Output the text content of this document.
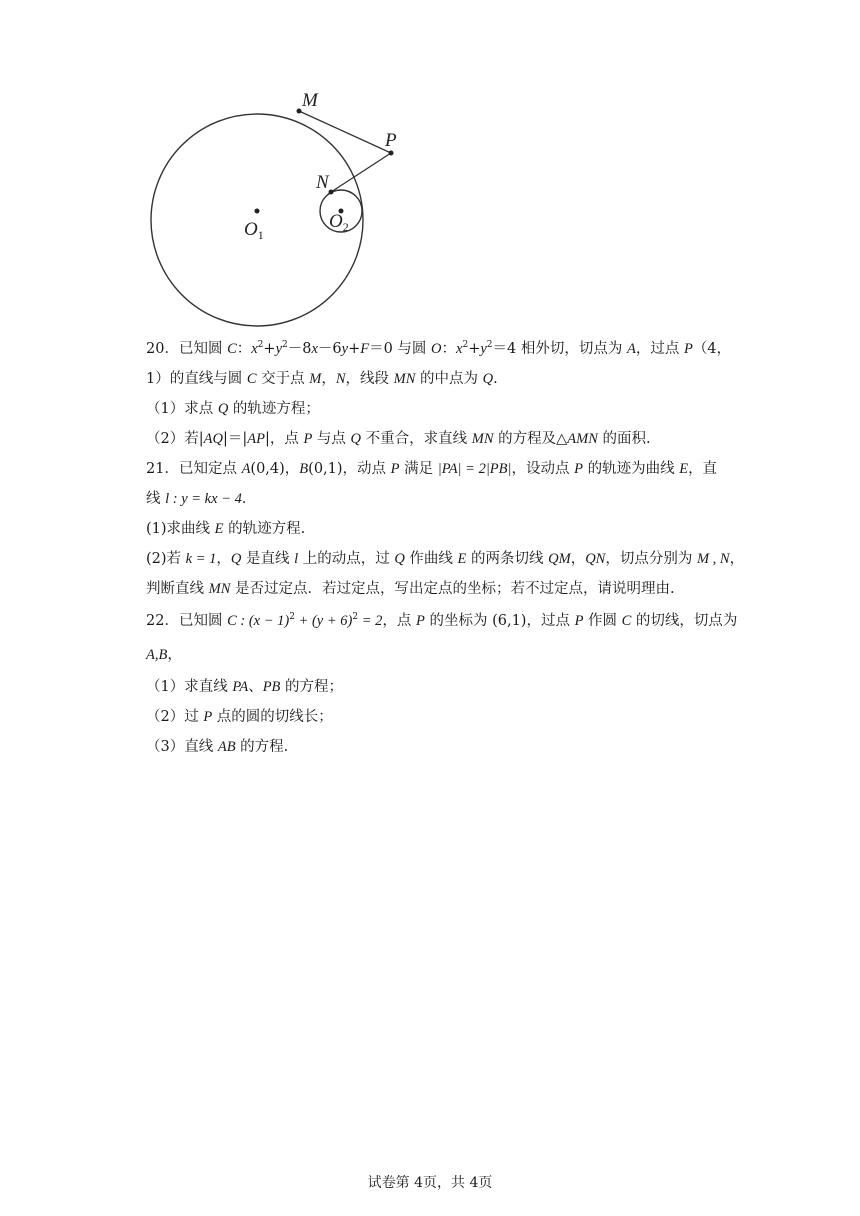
M
P
N
$O_1$
$O_2$
20．已知圆 C：$x^2+y^2-8x-6y+F=0$ 与圆 O：$x^2+y^2=4$ 相外切，切点为 A，过点 P（4，
1）的直线与圆 C 交于点 M，N，线段 MN 的中点为 Q.
（1）求点 Q 的轨迹方程；
（2）若|AQ|＝|AP|，点 P 与点 Q 不重合，求直线 MN 的方程及△AMN 的面积.
21．已知定点 A(0,4)，B(0,1)，动点 P 满足 |PA| = 2|PB|，设动点 P 的轨迹为曲线 E，直
线 l : y = kx − 4．
(1)求曲线 E 的轨迹方程.
(2)若 k = 1，Q 是直线 l 上的动点，过 Q 作曲线 E 的两条切线 QM，QN，切点分别为 M , N，
判断直线 MN 是否过定点．若过定点，写出定点的坐标；若不过定点，请说明理由.
22．已知圆 C : $(x - 1)^2 + (y + 6)^2 = 2$，点 P 的坐标为 (6,1)，过点 P 作圆 C 的切线，切点为
A,B，
（1）求直线 PA、PB 的方程；
（2）过 P 点的圆的切线长；
（3）直线 AB 的方程.
试卷第 4页，共 4页
